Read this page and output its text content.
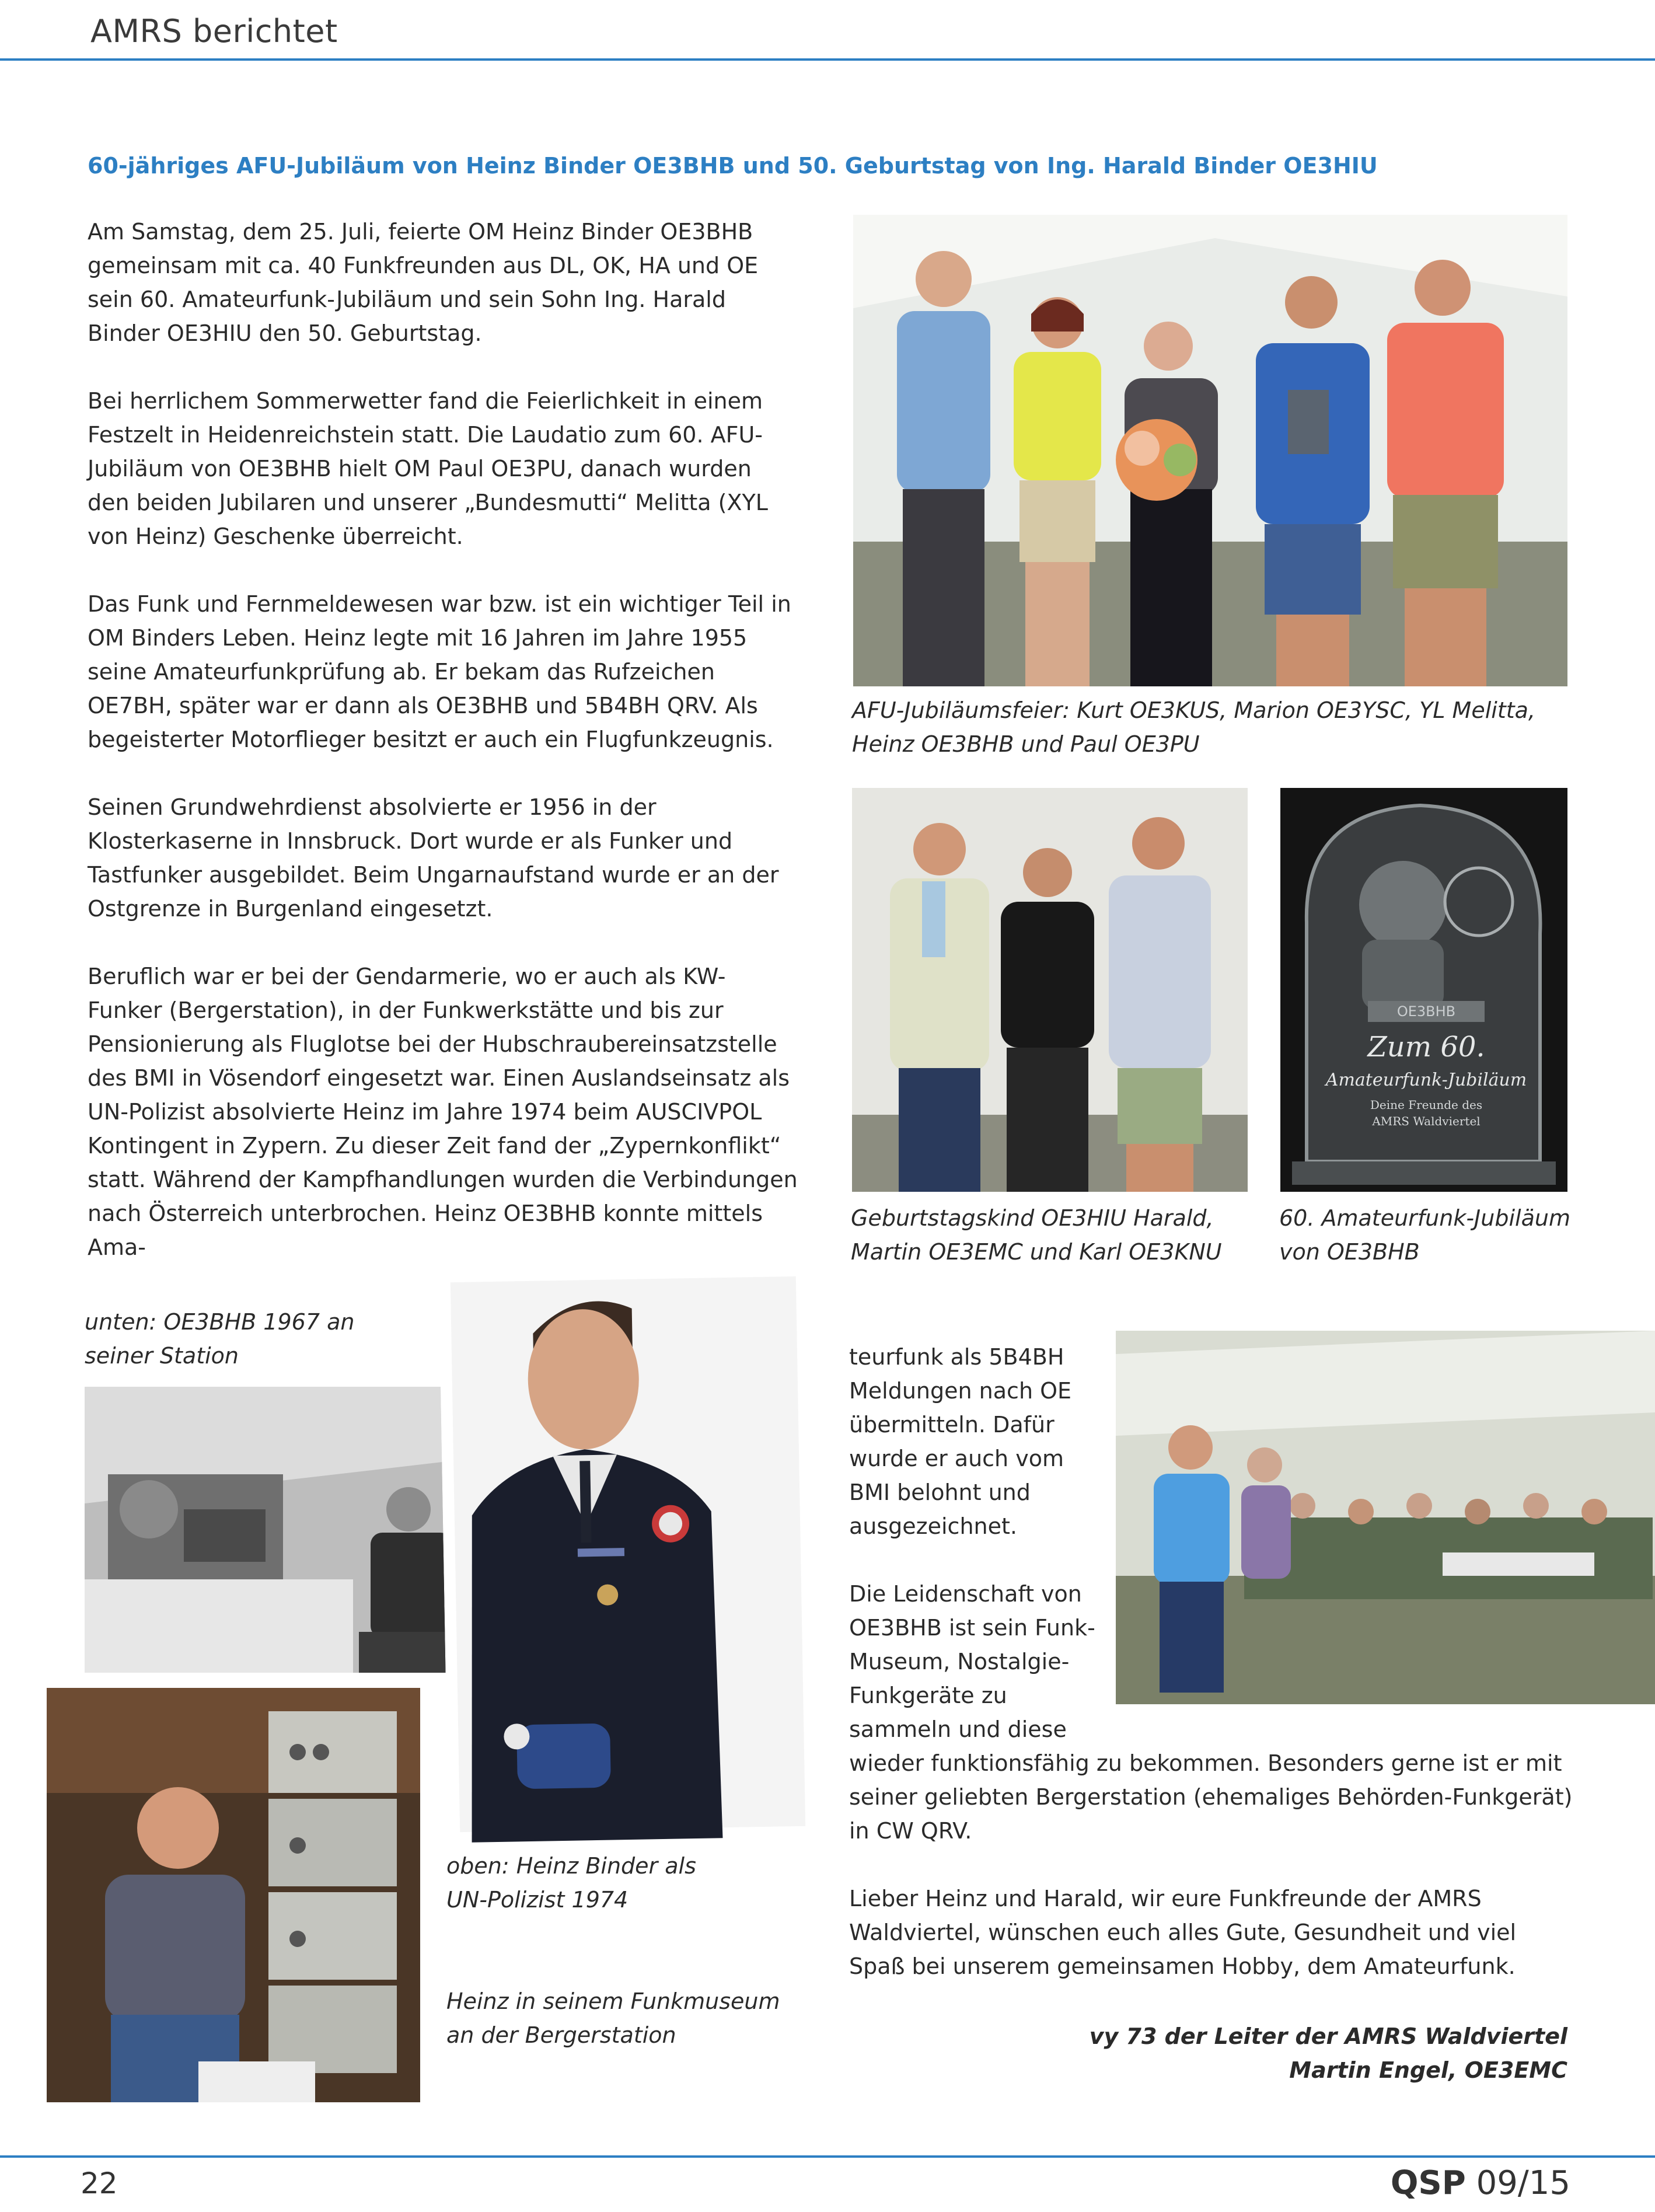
AMRS berichtet
60-jähriges AFU-Jubiläum von Heinz Binder OE3BHB und 50. Geburtstag von Ing. Harald Binder OE3HIU

Am Samstag, dem 25. Juli, feierte OM Heinz Binder OE3BHB gemeinsam mit ca. 40 Funkfreunden aus DL, OK, HA und OE sein 60. Amateurfunk-Jubiläum und sein Sohn Ing. Harald Binder OE3HIU den 50. Geburtstag.

Bei herrlichem Sommerwetter fand die Feierlichkeit in einem Festzelt in Heidenreichstein statt. Die Laudatio zum 60. AFU-Jubiläum von OE3BHB hielt OM Paul OE3PU, danach wurden den beiden Jubilaren und unserer „Bundesmutti“ Melitta (XYL von Heinz) Geschenke überreicht.

Das Funk und Fernmeldewesen war bzw. ist ein wichtiger Teil in OM Binders Leben. Heinz legte mit 16 Jahren im Jahre 1955 seine Amateurfunkprüfung ab. Er bekam das Rufzeichen OE7BH, später war er dann als OE3BHB und 5B4BH QRV. Als begeisterter Motorflieger besitzt er auch ein Flugfunkzeugnis.

Seinen Grundwehrdienst absolvierte er 1956 in der Klosterkaserne in Innsbruck. Dort wurde er als Funker und Tastfunker ausgebildet. Beim Ungarnaufstand wurde er an der Ostgrenze in Burgenland eingesetzt.

Beruflich war er bei der Gendarmerie, wo er auch als KW-Funker (Bergerstation), in der Funkwerkstätte und bis zur Pensionierung als Fluglotse bei der Hubschraubereinsatzstelle des BMI in Vösendorf eingesetzt war. Einen Auslandseinsatz als UN-Polizist absolvierte Heinz im Jahre 1974 beim AUSCIVPOL Kontingent in Zypern. Zu dieser Zeit fand der „Zypernkonflikt“ statt. Während der Kampfhandlungen wurden die Verbindungen nach Österreich unterbrochen. Heinz OE3BHB konnte mittels Ama-

AFU-Jubiläumsfeier: Kurt OE3KUS, Marion OE3YSC, YL Melitta, Heinz OE3BHB und Paul OE3PU
Geburtstagskind OE3HIU Harald, Martin OE3EMC und Karl OE3KNU
OE3BHB
Zum 60.
Amateurfunk-Jubiläum
Deine Freunde des
AMRS Waldviertel
60. Amateurfunk-Jubiläum von OE3BHB
unten: OE3BHB 1967 an seiner Station
oben: Heinz Binder als UN-Polizist 1974
Heinz in seinem Funkmuseum an der Bergerstation

teurfunk als 5B4BH Meldungen nach OE übermitteln. Dafür wurde er auch vom BMI belohnt und ausgezeichnet.

Die Leidenschaft von OE3BHB ist sein Funk-Museum, Nostalgie-Funkgeräte zu sammeln und diese

wieder funktionsfähig zu bekommen. Besonders gerne ist er mit seiner geliebten Bergerstation (ehemaliges Behörden-Funkgerät) in CW QRV.

Lieber Heinz und Harald, wir eure Funkfreunde der AMRS Waldviertel, wünschen euch alles Gute, Gesundheit und viel Spaß bei unserem gemeinsamen Hobby, dem Amateurfunk.

vy 73 der Leiter der AMRS Waldviertel
Martin Engel, OE3EMC
22	QSP 09/15
